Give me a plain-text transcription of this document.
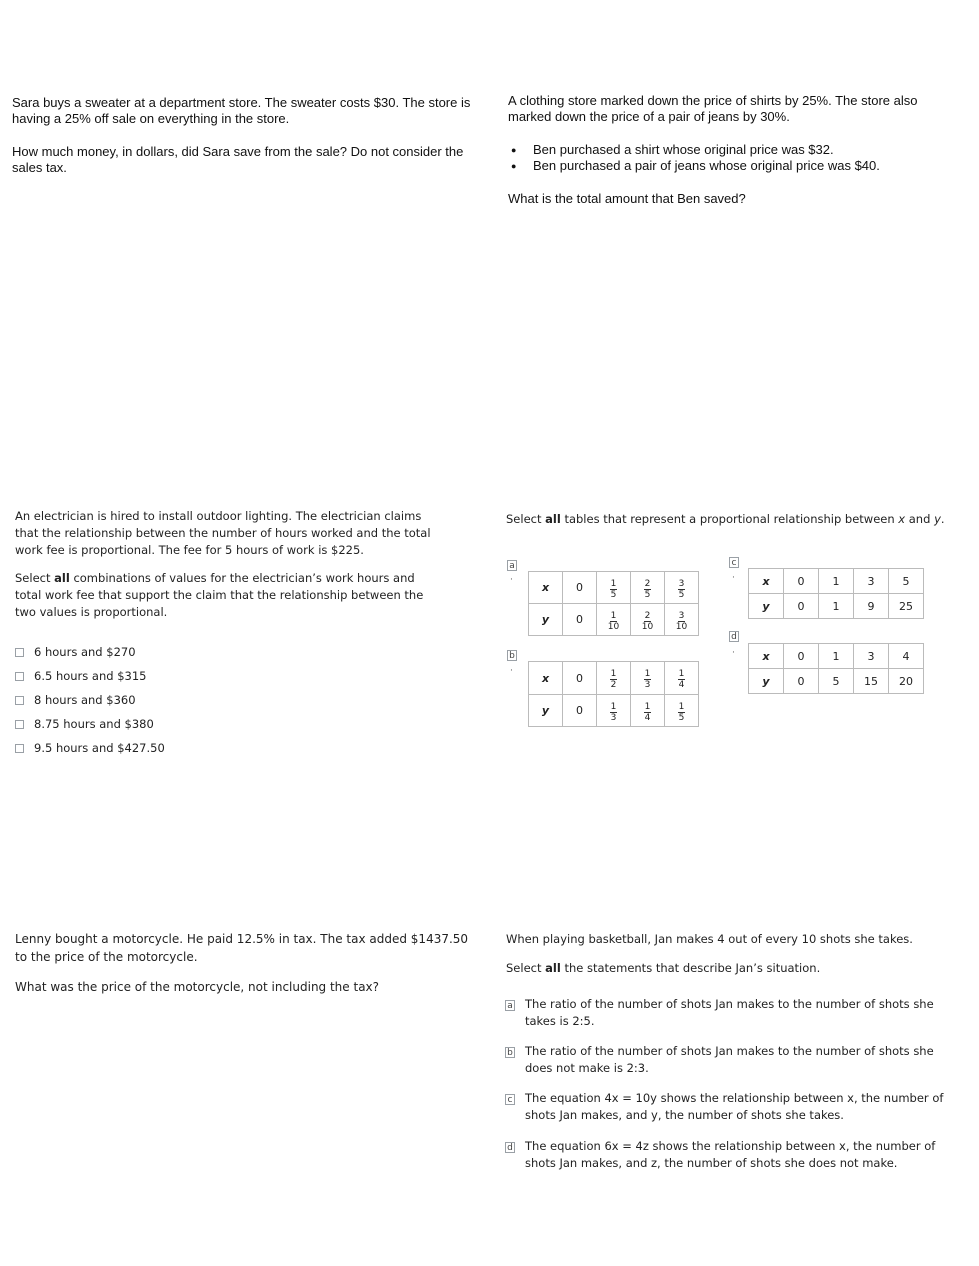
Sara buys a sweater at a department store. The sweater costs $30. The store is having a 25% off sale on everything in the store.

How much money, in dollars, did Sara save from the sale? Do not consider the sales tax.

A clothing store marked down the price of shirts by 25%. The store also marked down the price of a pair of jeans by 30%.

● Ben purchased a shirt whose original price was $32.
● Ben purchased a pair of jeans whose original price was $40.

What is the total amount that Ben saved?

An electrician is hired to install outdoor lighting. The electrician claims that the relationship between the number of hours worked and the total work fee is proportional. The fee for 5 hours of work is $225.

Select all combinations of values for the electrician’s work hours and total work fee that support the claim that the relationship between the two values is proportional.

6 hours and $270
6.5 hours and $315
8 hours and $360
8.75 hours and $380
9.5 hours and $427.50

Select all tables that represent a proportional relationship between x and y.

a
·
b
·
c
·
d
·
x	0	$\frac{1}{5}$	$\frac{2}{5}$	$\frac{3}{5}$

y	0	$\frac{1}{10}$	$\frac{2}{10}$	$\frac{3}{10}$
x	0	$\frac{1}{2}$	$\frac{1}{3}$	$\frac{1}{4}$

y	0	$\frac{1}{3}$	$\frac{1}{4}$	$\frac{1}{5}$
x	0	1	3	5
y	0	1	9	25
x	0	1	3	4
y	0	5	15	20

Lenny bought a motorcycle. He paid 12.5% in tax. The tax added $1437.50 to the price of the motorcycle.

What was the price of the motorcycle, not including the tax?

When playing basketball, Jan makes 4 out of every 10 shots she takes.

Select all the statements that describe Jan’s situation.

a	The ratio of the number of shots Jan makes to the number of shots she takes is 2:5.
b	The ratio of the number of shots Jan makes to the number of shots she does not make is 2:3.
c	The equation 4x = 10y shows the relationship between x, the number of shots Jan makes, and y, the number of shots she takes.
d	The equation 6x = 4z shows the relationship between x, the number of shots Jan makes, and z, the number of shots she does not make.
